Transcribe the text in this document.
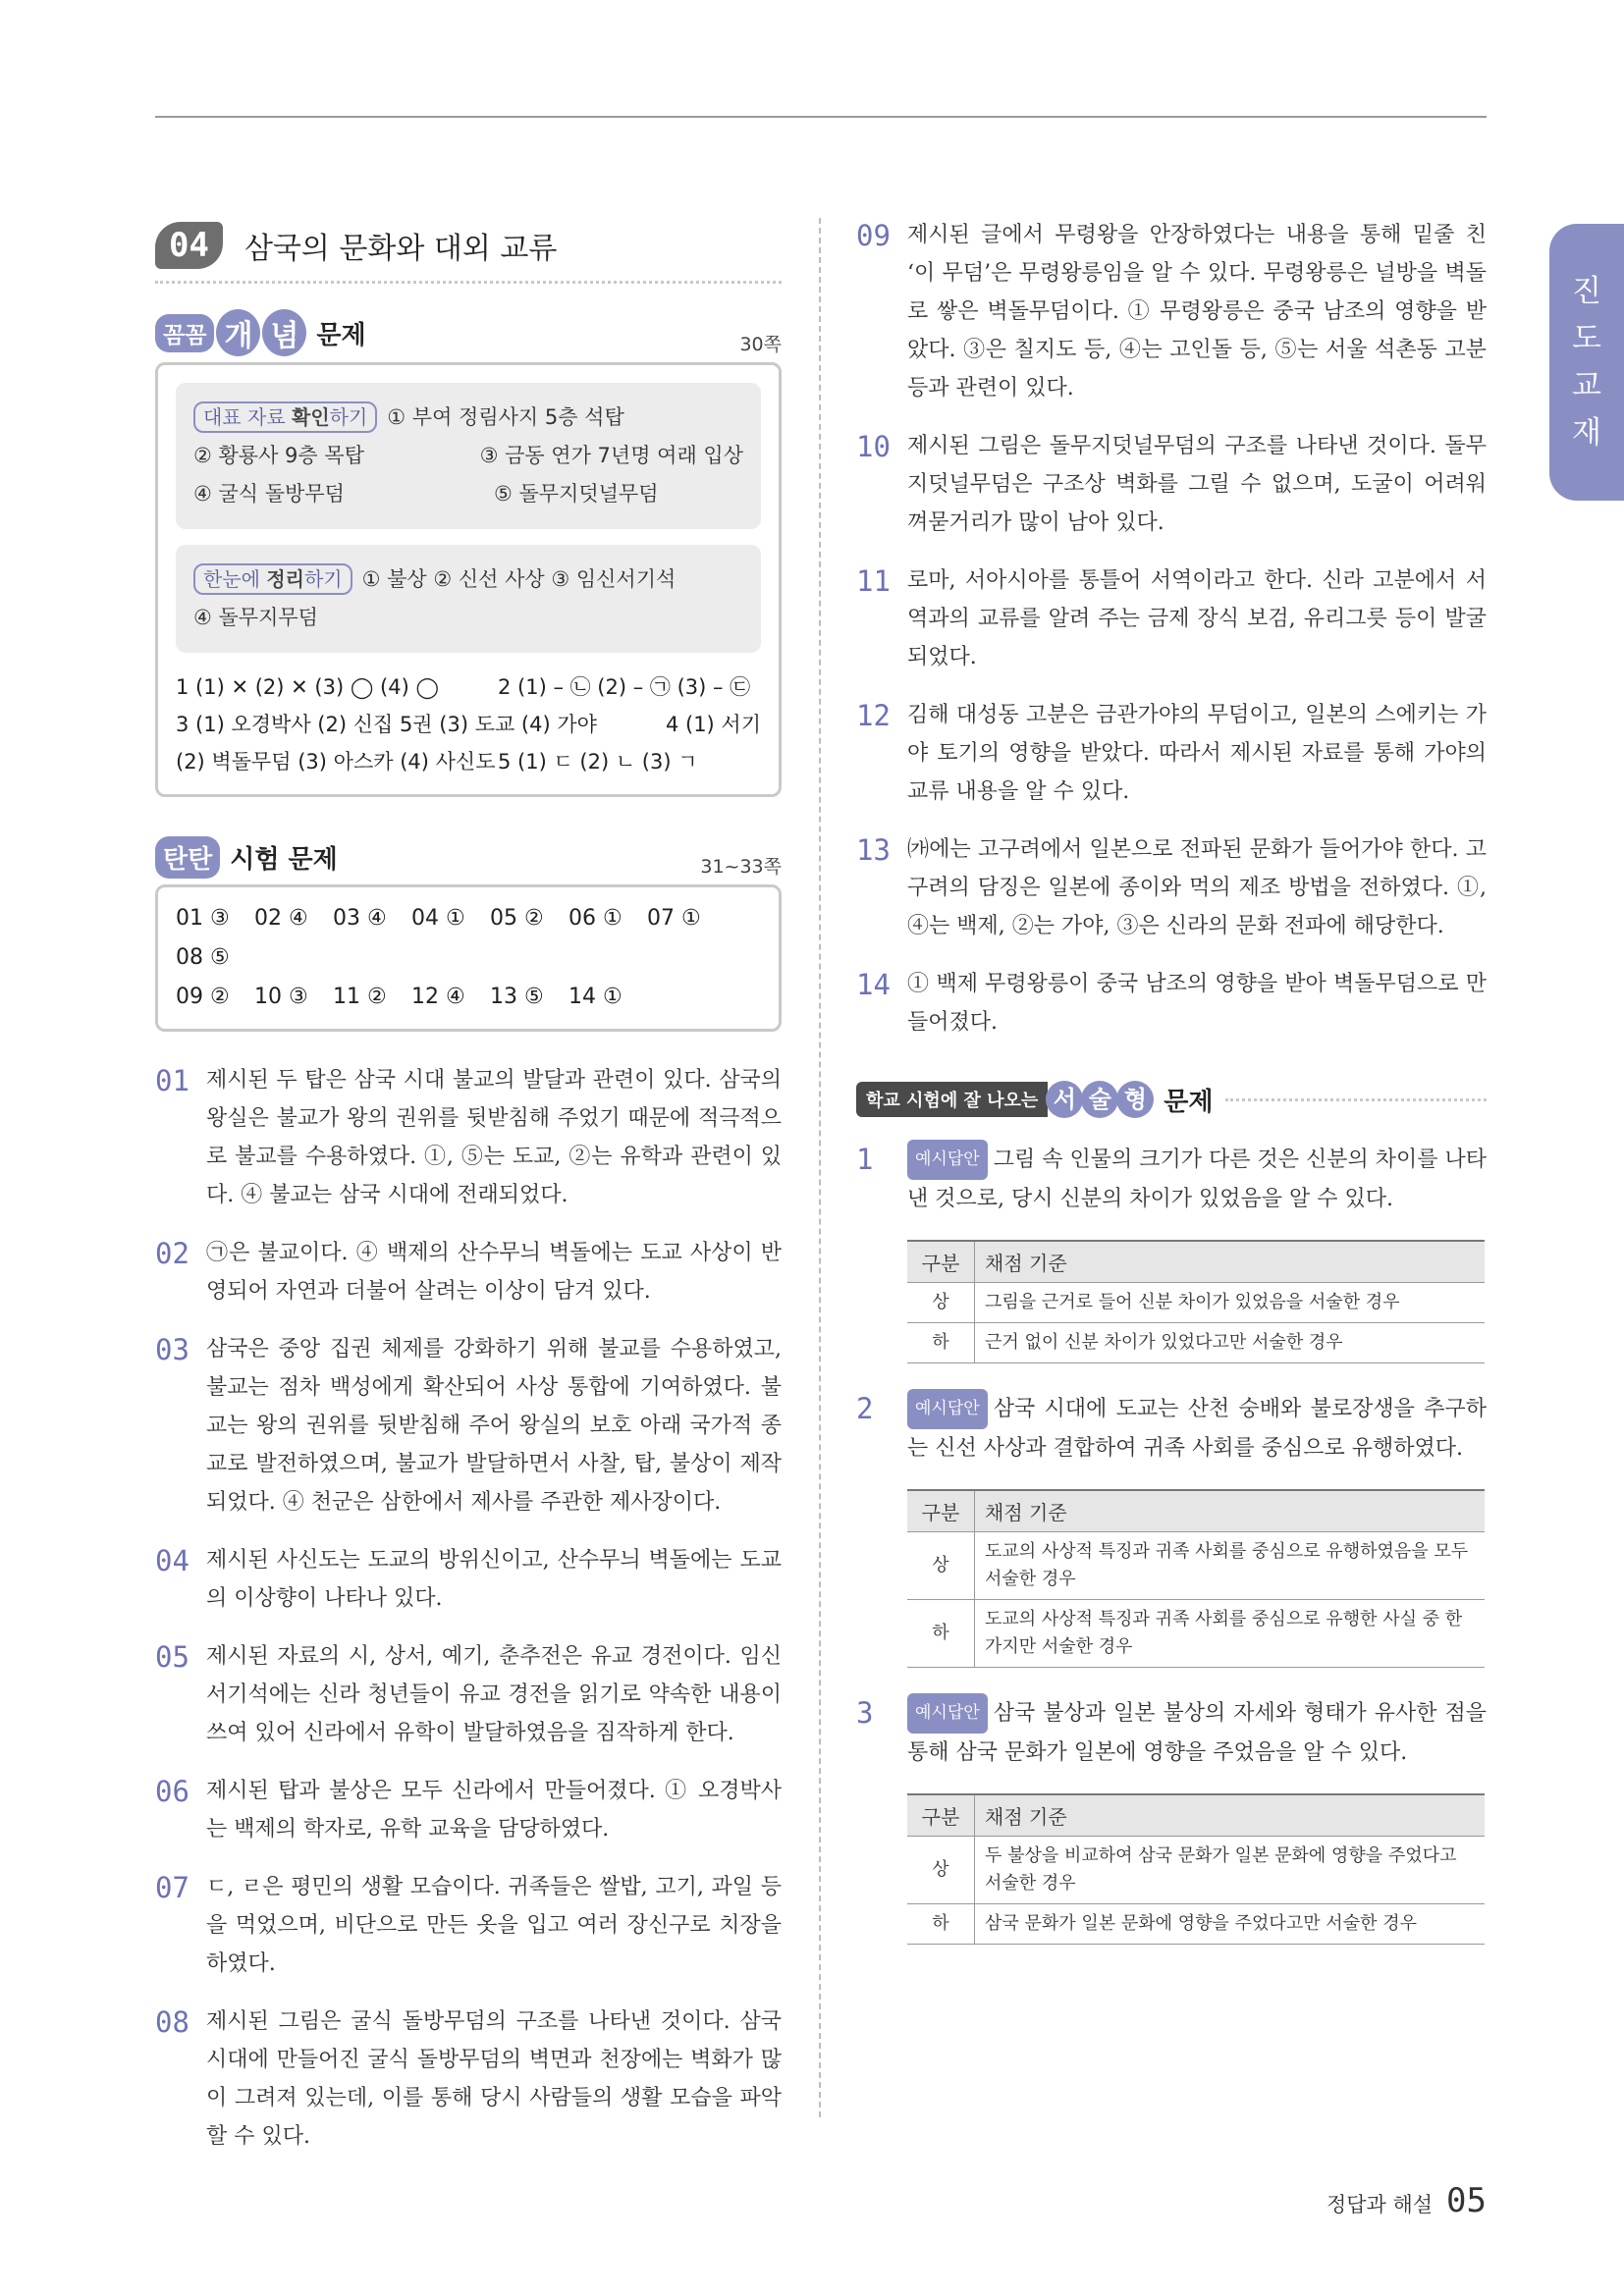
진
도
교
재
04	삼국의 문화와 대외 교류
꼼꼼 개 념 문제	30쪽
대표 자료 확인하기 ① 부여 정림사지 5층 석탑
② 황룡사 9층 목탑	③ 금동 연가 7년명 여래 입상
④ 굴식 돌방무덤	⑤ 돌무지덧널무덤
한눈에 정리하기 ① 불상 ② 신선 사상 ③ 임신서기석
④ 돌무지무덤
1 (1) ✕ (2) ✕ (3) ◯ (4) ◯	2 (1) – ㉡ (2) – ㉠ (3) – ㉢
3 (1) 오경박사 (2) 신집 5권 (3) 도교 (4) 가야	4 (1) 서기
(2) 벽돌무덤 (3) 아스카 (4) 사신도 5 (1) ㄷ (2) ㄴ (3) ㄱ
탄탄 시험 문제	31~33쪽
01 ③	02 ④	03 ④	04 ①	05 ②	06 ①	07 ①
08 ⑤
09 ②	10 ③	11 ②	12 ④	13 ⑤	14 ①
01 제시된 두 탑은 삼국 시대 불교의 발달과 관련이 있다. 삼국의 왕실은 불교가 왕의 권위를 뒷받침해 주었기 때문에 적극적으로 불교를 수용하였다. ①, ⑤는 도교, ②는 유학과 관련이 있다. ④ 불교는 삼국 시대에 전래되었다.
02 ㉠은 불교이다. ④ 백제의 산수무늬 벽돌에는 도교 사상이 반영되어 자연과 더불어 살려는 이상이 담겨 있다.
03 삼국은 중앙 집권 체제를 강화하기 위해 불교를 수용하였고, 불교는 점차 백성에게 확산되어 사상 통합에 기여하였다. 불교는 왕의 권위를 뒷받침해 주어 왕실의 보호 아래 국가적 종교로 발전하였으며, 불교가 발달하면서 사찰, 탑, 불상이 제작되었다. ④ 천군은 삼한에서 제사를 주관한 제사장이다.
04 제시된 사신도는 도교의 방위신이고, 산수무늬 벽돌에는 도교의 이상향이 나타나 있다.
05 제시된 자료의 시, 상서, 예기, 춘추전은 유교 경전이다. 임신서기석에는 신라 청년들이 유교 경전을 읽기로 약속한 내용이 쓰여 있어 신라에서 유학이 발달하였음을 짐작하게 한다.
06 제시된 탑과 불상은 모두 신라에서 만들어졌다. ① 오경박사는 백제의 학자로, 유학 교육을 담당하였다.
07 ㄷ, ㄹ은 평민의 생활 모습이다. 귀족들은 쌀밥, 고기, 과일 등을 먹었으며, 비단으로 만든 옷을 입고 여러 장신구로 치장을 하였다.
08 제시된 그림은 굴식 돌방무덤의 구조를 나타낸 것이다. 삼국 시대에 만들어진 굴식 돌방무덤의 벽면과 천장에는 벽화가 많이 그려져 있는데, 이를 통해 당시 사람들의 생활 모습을 파악할 수 있다.
09 제시된 글에서 무령왕을 안장하였다는 내용을 통해 밑줄 친 ‘이 무덤’은 무령왕릉임을 알 수 있다. 무령왕릉은 널방을 벽돌로 쌓은 벽돌무덤이다. ① 무령왕릉은 중국 남조의 영향을 받았다. ③은 칠지도 등, ④는 고인돌 등, ⑤는 서울 석촌동 고분 등과 관련이 있다.
10 제시된 그림은 돌무지덧널무덤의 구조를 나타낸 것이다. 돌무지덧널무덤은 구조상 벽화를 그릴 수 없으며, 도굴이 어려워 껴묻거리가 많이 남아 있다.
11 로마, 서아시아를 통틀어 서역이라고 한다. 신라 고분에서 서역과의 교류를 알려 주는 금제 장식 보검, 유리그릇 등이 발굴되었다.
12 김해 대성동 고분은 금관가야의 무덤이고, 일본의 스에키는 가야 토기의 영향을 받았다. 따라서 제시된 자료를 통해 가야의 교류 내용을 알 수 있다.
13 ㈎에는 고구려에서 일본으로 전파된 문화가 들어가야 한다. 고구려의 담징은 일본에 종이와 먹의 제조 방법을 전하였다. ①, ④는 백제, ②는 가야, ③은 신라의 문화 전파에 해당한다.
14 ① 백제 무령왕릉이 중국 남조의 영향을 받아 벽돌무덤으로 만들어졌다.
학교 시험에 잘 나오는 서 술 형 문제
1	예시답안 그림 속 인물의 크기가 다른 것은 신분의 차이를 나타낸 것으로, 당시 신분의 차이가 있었음을 알 수 있다.
구분	채점 기준
상	그림을 근거로 들어 신분 차이가 있었음을 서술한 경우
하	근거 없이 신분 차이가 있었다고만 서술한 경우
2	예시답안 삼국 시대에 도교는 산천 숭배와 불로장생을 추구하는 신선 사상과 결합하여 귀족 사회를 중심으로 유행하였다.
구분	채점 기준
상	도교의 사상적 특징과 귀족 사회를 중심으로 유행하였음을 모두 서술한 경우
하	도교의 사상적 특징과 귀족 사회를 중심으로 유행한 사실 중 한 가지만 서술한 경우
3	예시답안 삼국 불상과 일본 불상의 자세와 형태가 유사한 점을 통해 삼국 문화가 일본에 영향을 주었음을 알 수 있다.
구분	채점 기준
상	두 불상을 비교하여 삼국 문화가 일본 문화에 영향을 주었다고 서술한 경우
하	삼국 문화가 일본 문화에 영향을 주었다고만 서술한 경우
정답과 해설 05
